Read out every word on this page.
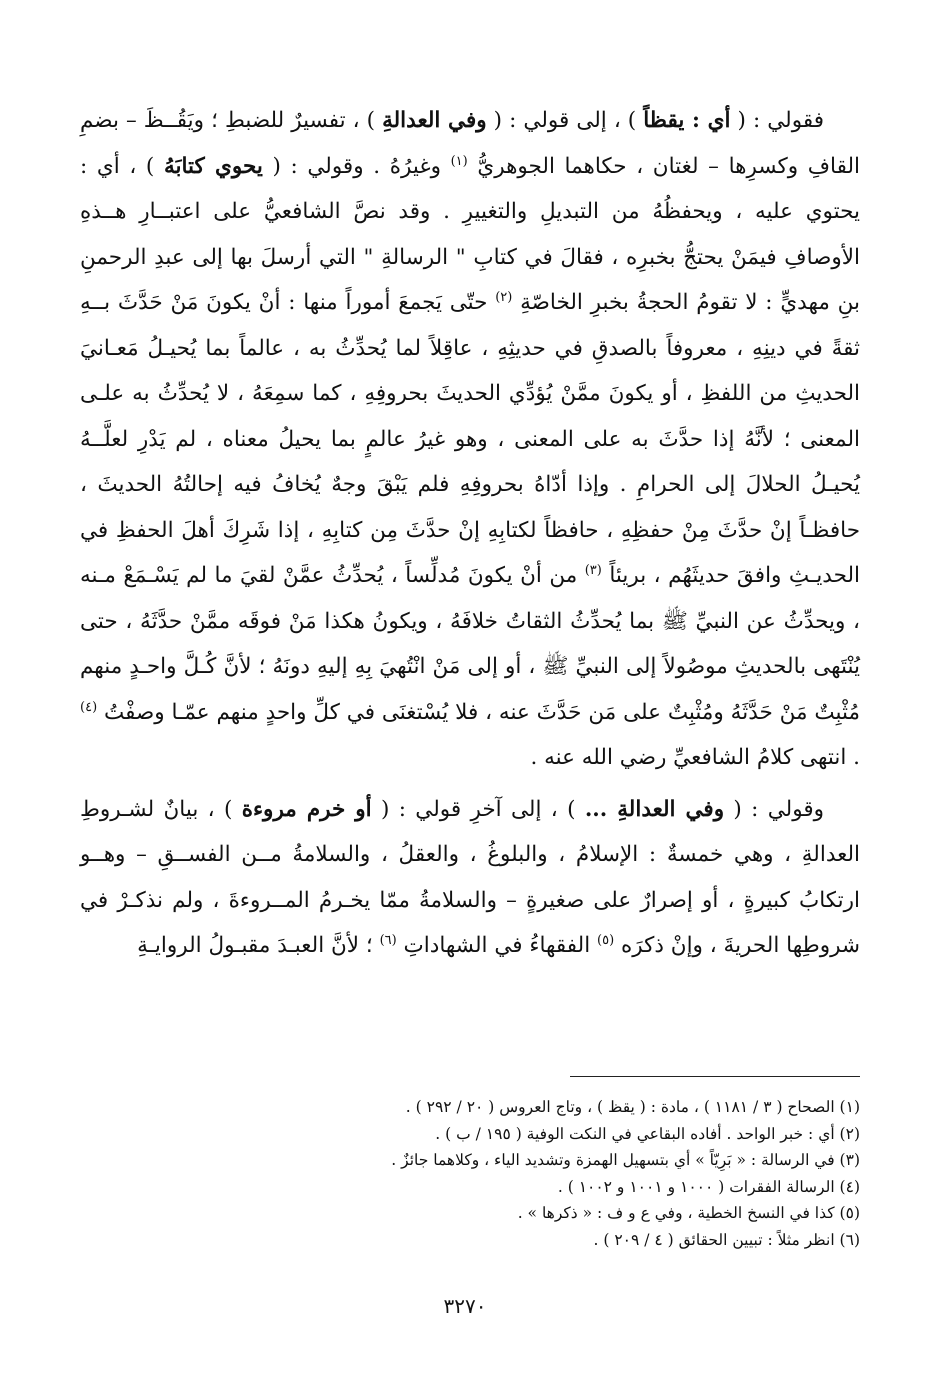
فقولي : ( أي : يقظاً ) ، إلى قولي : ( وفي العدالةِ ) ، تفسيرٌ للضبطِ ؛ ويَقُــظَ – بضمِ القافِ وكسرِها – لغتان ، حكاهما الجوهريُّ $^{(١)}$ وغيرُهُ . وقولي : ( يحوي كتابَهُ ) ، أي : يحتوي عليه ، ويحفظُهُ من التبديلِ والتغييرِ . وقد نصَّ الشافعيُّ على اعتبــارِ هــذهِ الأوصافِ فيمَنْ يحتجُّ بخبرِه ، فقالَ في كتابِ " الرسالةِ " التي أرسلَ بها إلى عبدِ الرحمنِ بنِ مهديٍّ : لا تقومُ الحجةُ بخبرِ الخاصّةِ $^{(٢)}$ حتّى يَجمعَ أموراً منها : أنْ يكونَ مَنْ حَدَّثَ بــهِ ثقةً في دينِهِ ، معروفاً بالصدقِ في حديثِهِ ، عاقِلاً لما يُحدِّثُ به ، عالماً بما يُحيـلُ مَعـانيَ الحديثِ من اللفظِ ، أو يكونَ ممَّنْ يُؤدِّي الحديثَ بحروفِهِ ، كما سمِعَهُ ، لا يُحدِّثُ به علـى المعنى ؛ لأنَّهُ إذا حدَّثَ به على المعنى ، وهو غيرُ عالمٍ بما يحيلُ معناه ، لم يَدْرِ لعلَّــهُ يُحيـلُ الحلالَ إلى الحرامِ . وإذا أدّاهُ بحروفِهِ فلم يَبْقَ وجهٌ يُخافُ فيه إحالتُهُ الحديثَ ، حافظـاً إنْ حدَّثَ مِنْ حفظِهِ ، حافظاً لكتابِهِ إنْ حدَّثَ مِن كتابِهِ ، إذا شَرِكَ أهلَ الحفظِ في الحديـثِ وافقَ حديثَهُم ، بريئاً $^{(٣)}$ من أنْ يكونَ مُدلِّساً ، يُحدِّثُ عمَّنْ لقيَ ما لم يَسْـمَعْ مـنه ، ويحدِّثُ عن النبيِّ ﷺ بما يُحدِّثُ الثقاتُ خلافَهُ ، ويكونُ هكذا مَنْ فوقَه ممَّنْ حدَّثَهُ ، حتى يُنْتَهى بالحديثِ موصُولاً إلى النبيِّ ﷺ ، أو إلى مَنْ انْتُهيَ بِهِ إليهِ دونَهُ ؛ لأنَّ كُـلَّ واحـدٍ منهم مُثْبِتٌ مَنْ حَدَّثَهُ ومُثْبِتٌ على مَن حَدَّثَ عنه ، فلا يُسْتغنَى في كلِّ واحدٍ منهم عمّـا وصفْتُ $^{(٤)}$ . انتهى كلامُ الشافعيِّ رضي الله عنه .

وقولي : ( وفي العدالةِ ... ) ، إلى آخرِ قولي : ( أو خرم مروءة ) ، بيانٌ لشـروطِ العدالةِ ، وهي خمسةٌ : الإسلامُ ، والبلوغُ ، والعقلُ ، والسلامةُ مــن الفســقِ – وهــو ارتكابُ كبيرةٍ ، أو إصرارٌ على صغيرةٍ – والسلامةُ ممّا يخـرمُ المــروءةَ ، ولم نذكـرْ في شروطِها الحريةَ ، وإنْ ذكرَه $^{(٥)}$ الفقهاءُ في الشهاداتِ $^{(٦)}$ ؛ لأنَّ العبـدَ مقبـولُ الروايـةِ

(١) الصحاح ( ٣ / ١١٨١ ) ، مادة : ( يقظ ) ، وتاج العروس ( ٢٠ / ٢٩٢ ) .

(٢) أي : خبر الواحد . أفاده البقاعي في النكت الوفية ( ١٩٥ / ب ) .

(٣) في الرسالة : « بَرِيّاً » أي بتسهيل الهمزة وتشديد الياء ، وكلاهما جائزٌ .

(٤) الرسالة الفقرات ( ١٠٠٠ و ١٠٠١ و ١٠٠٢ ) .

(٥) كذا في النسخ الخطية ، وفي ع و ف : « ذكرها » .

(٦) انظر مثلاً : تبيين الحقائق ( ٤ / ٢٠٩ ) .

٣٢٧٠
